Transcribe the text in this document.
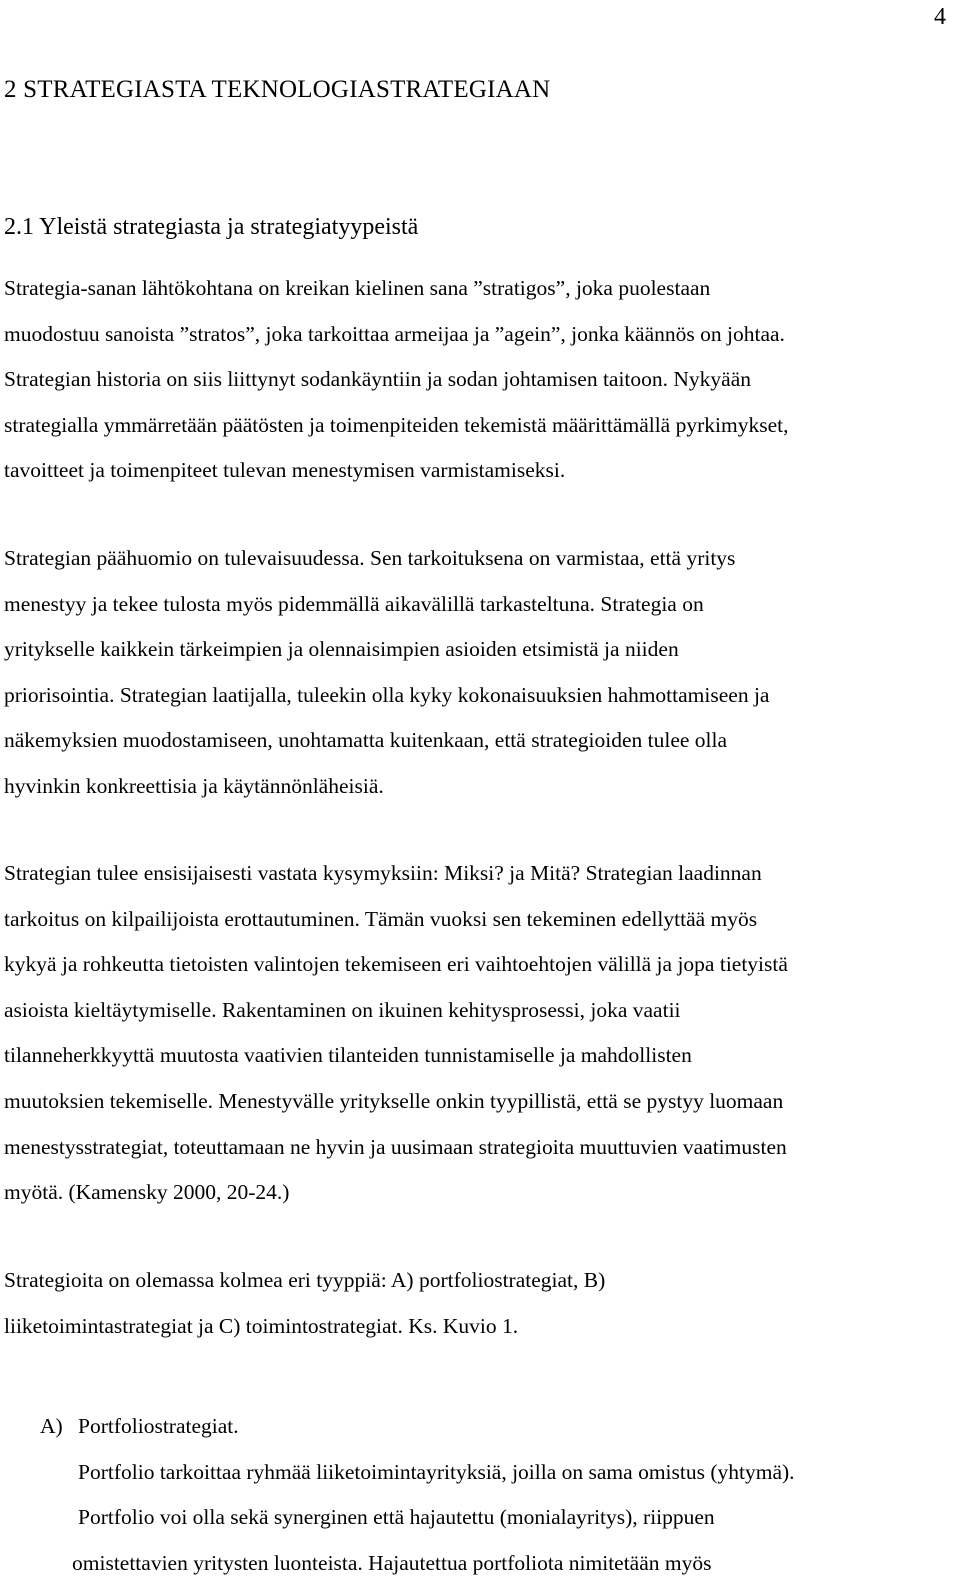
4
2 STRATEGIASTA TEKNOLOGIASTRATEGIAAN
2.1 Yleistä strategiasta ja strategiatyypeistä

Strategia-sanan lähtökohtana on kreikan kielinen sana ”stratigos”, joka puolestaan
muodostuu sanoista ”stratos”, joka tarkoittaa armeijaa ja ”agein”, jonka käännös on johtaa.
Strategian historia on siis liittynyt sodankäyntiin ja sodan johtamisen taitoon. Nykyään
strategialla ymmärretään päätösten ja toimenpiteiden tekemistä määrittämällä pyrkimykset,
tavoitteet ja toimenpiteet tulevan menestymisen varmistamiseksi.

Strategian päähuomio on tulevaisuudessa. Sen tarkoituksena on varmistaa, että yritys
menestyy ja tekee tulosta myös pidemmällä aikavälillä tarkasteltuna. Strategia on
yritykselle kaikkein tärkeimpien ja olennaisimpien asioiden etsimistä ja niiden
priorisointia. Strategian laatijalla, tuleekin olla kyky kokonaisuuksien hahmottamiseen ja
näkemyksien muodostamiseen, unohtamatta kuitenkaan, että strategioiden tulee olla
hyvinkin konkreettisia ja käytännönläheisiä.

Strategian tulee ensisijaisesti vastata kysymyksiin: Miksi? ja Mitä? Strategian laadinnan
tarkoitus on kilpailijoista erottautuminen. Tämän vuoksi sen tekeminen edellyttää myös
kykyä ja rohkeutta tietoisten valintojen tekemiseen eri vaihtoehtojen välillä ja jopa tietyistä
asioista kieltäytymiselle. Rakentaminen on ikuinen kehitysprosessi, joka vaatii
tilanneherkkyyttä muutosta vaativien tilanteiden tunnistamiselle ja mahdollisten
muutoksien tekemiselle. Menestyvälle yritykselle onkin tyypillistä, että se pystyy luomaan
menestysstrategiat, toteuttamaan ne hyvin ja uusimaan strategioita muuttuvien vaatimusten
myötä. (Kamensky 2000, 20-24.)

Strategioita on olemassa kolmea eri tyyppiä: A) portfoliostrategiat, B)
liiketoimintastrategiat ja C) toimintostrategiat. Ks. Kuvio 1.

A) Portfoliostrategiat.
Portfolio tarkoittaa ryhmää liiketoimintayrityksiä, joilla on sama omistus (yhtymä).
Portfolio voi olla sekä synerginen että hajautettu (monialayritys), riippuen
omistettavien yritysten luonteista. Hajautettua portfoliota nimitetään myös
